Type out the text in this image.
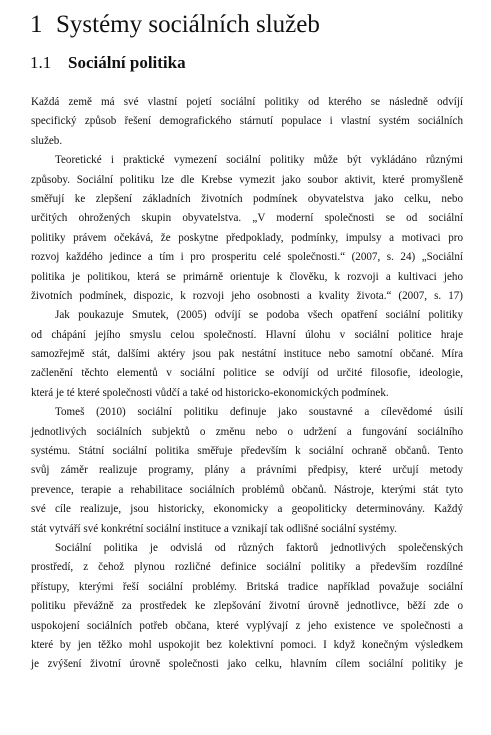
1 Systémy sociálních služeb
1.1 Sociální politika
Každá země má své vlastní pojetí sociální politiky od kterého se následně odvíjí
specifický způsob řešení demografického stárnutí populace i vlastní systém sociálních
služeb.
Teoretické i praktické vymezení sociální politiky může být vykládáno různými
způsoby. Sociální politiku lze dle Krebse vymezit jako soubor aktivit, které promyšleně
směřují ke zlepšení základních životních podmínek obyvatelstva jako celku, nebo
určitých ohrožených skupin obyvatelstva. „V moderní společnosti se od sociální
politiky právem očekává, že poskytne předpoklady, podmínky, impulsy a motivaci pro
rozvoj každého jedince a tím i pro prosperitu celé společnosti.“ (2007, s. 24) „Sociální
politika je politikou, která se primárně orientuje k člověku, k rozvoji a kultivaci jeho
životních podmínek, dispozic, k rozvoji jeho osobnosti a kvality života.“ (2007, s. 17)
Jak poukazuje Smutek, (2005) odvíjí se podoba všech opatření sociální politiky
od chápání jejího smyslu celou společností. Hlavní úlohu v sociální politice hraje
samozřejmě stát, dalšími aktéry jsou pak nestátní instituce nebo samotní občané. Míra
začlenění těchto elementů v sociální politice se odvíjí od určité filosofie, ideologie,
která je té které společnosti vůdčí a také od historicko-ekonomických podmínek.
Tomeš (2010) sociální politiku definuje jako soustavné a cílevědomé úsilí
jednotlivých sociálních subjektů o změnu nebo o udržení a fungování sociálního
systému. Státní sociální politika směřuje především k sociální ochraně občanů. Tento
svůj záměr realizuje programy, plány a právními předpisy, které určují metody
prevence, terapie a rehabilitace sociálních problémů občanů. Nástroje, kterými stát tyto
své cíle realizuje, jsou historicky, ekonomicky a geopoliticky determinovány. Každý
stát vytváří své konkrétní sociální instituce a vznikají tak odlišné sociální systémy.
Sociální politika je odvislá od různých faktorů jednotlivých společenských
prostředí, z čehož plynou rozličné definice sociální politiky a především rozdílné
přístupy, kterými řeší sociální problémy. Britská tradice například považuje sociální
politiku převážně za prostředek ke zlepšování životní úrovně jednotlivce, běží zde o
uspokojení sociálních potřeb občana, které vyplývají z jeho existence ve společnosti a
které by jen těžko mohl uspokojit bez kolektivní pomoci. I když konečným výsledkem
je zvýšení životní úrovně společnosti jako celku, hlavním cílem sociální politiky je
